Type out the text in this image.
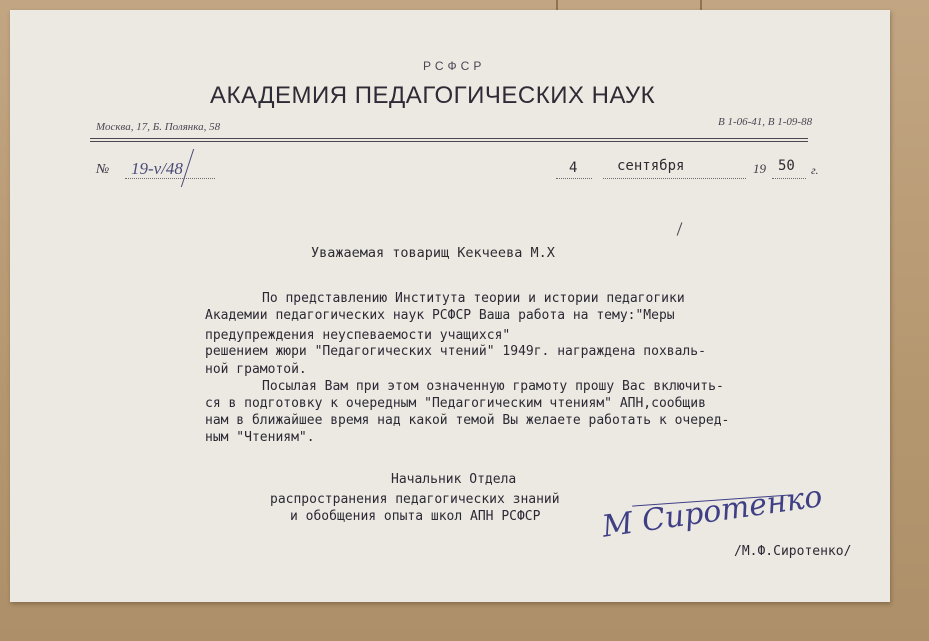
РСФСР
АКАДЕМИЯ ПЕДАГОГИЧЕСКИХ НАУК
Москва, 17, Б. Полянка, 58	В 1-06-41, В 1-09-88
№ 19-v/48	4	сентября	19 50 г.
Уважаемая товарищ Кекчеева М.Х
По представлению Института теории и истории педагогики
Академии педагогических наук РСФСР Ваша работа на тему:"Меры
предупреждения неуспеваемости учащихся"
решением жюри "Педагогических чтений" 1949г. награждена похваль-
ной грамотой.
Посылая Вам при этом означенную грамоту прошу Вас включить-
ся в подготовку к очередным "Педагогическим чтениям" АПН,сообщив
нам в ближайшее время над какой темой Вы желаете работать к очеред-
ным "Чтениям".
Начальник Отдела
распространения педагогических знаний
и обобщения опыта школ АПН РСФСР М Сиротенко
/М.Ф.Сиротенко/
